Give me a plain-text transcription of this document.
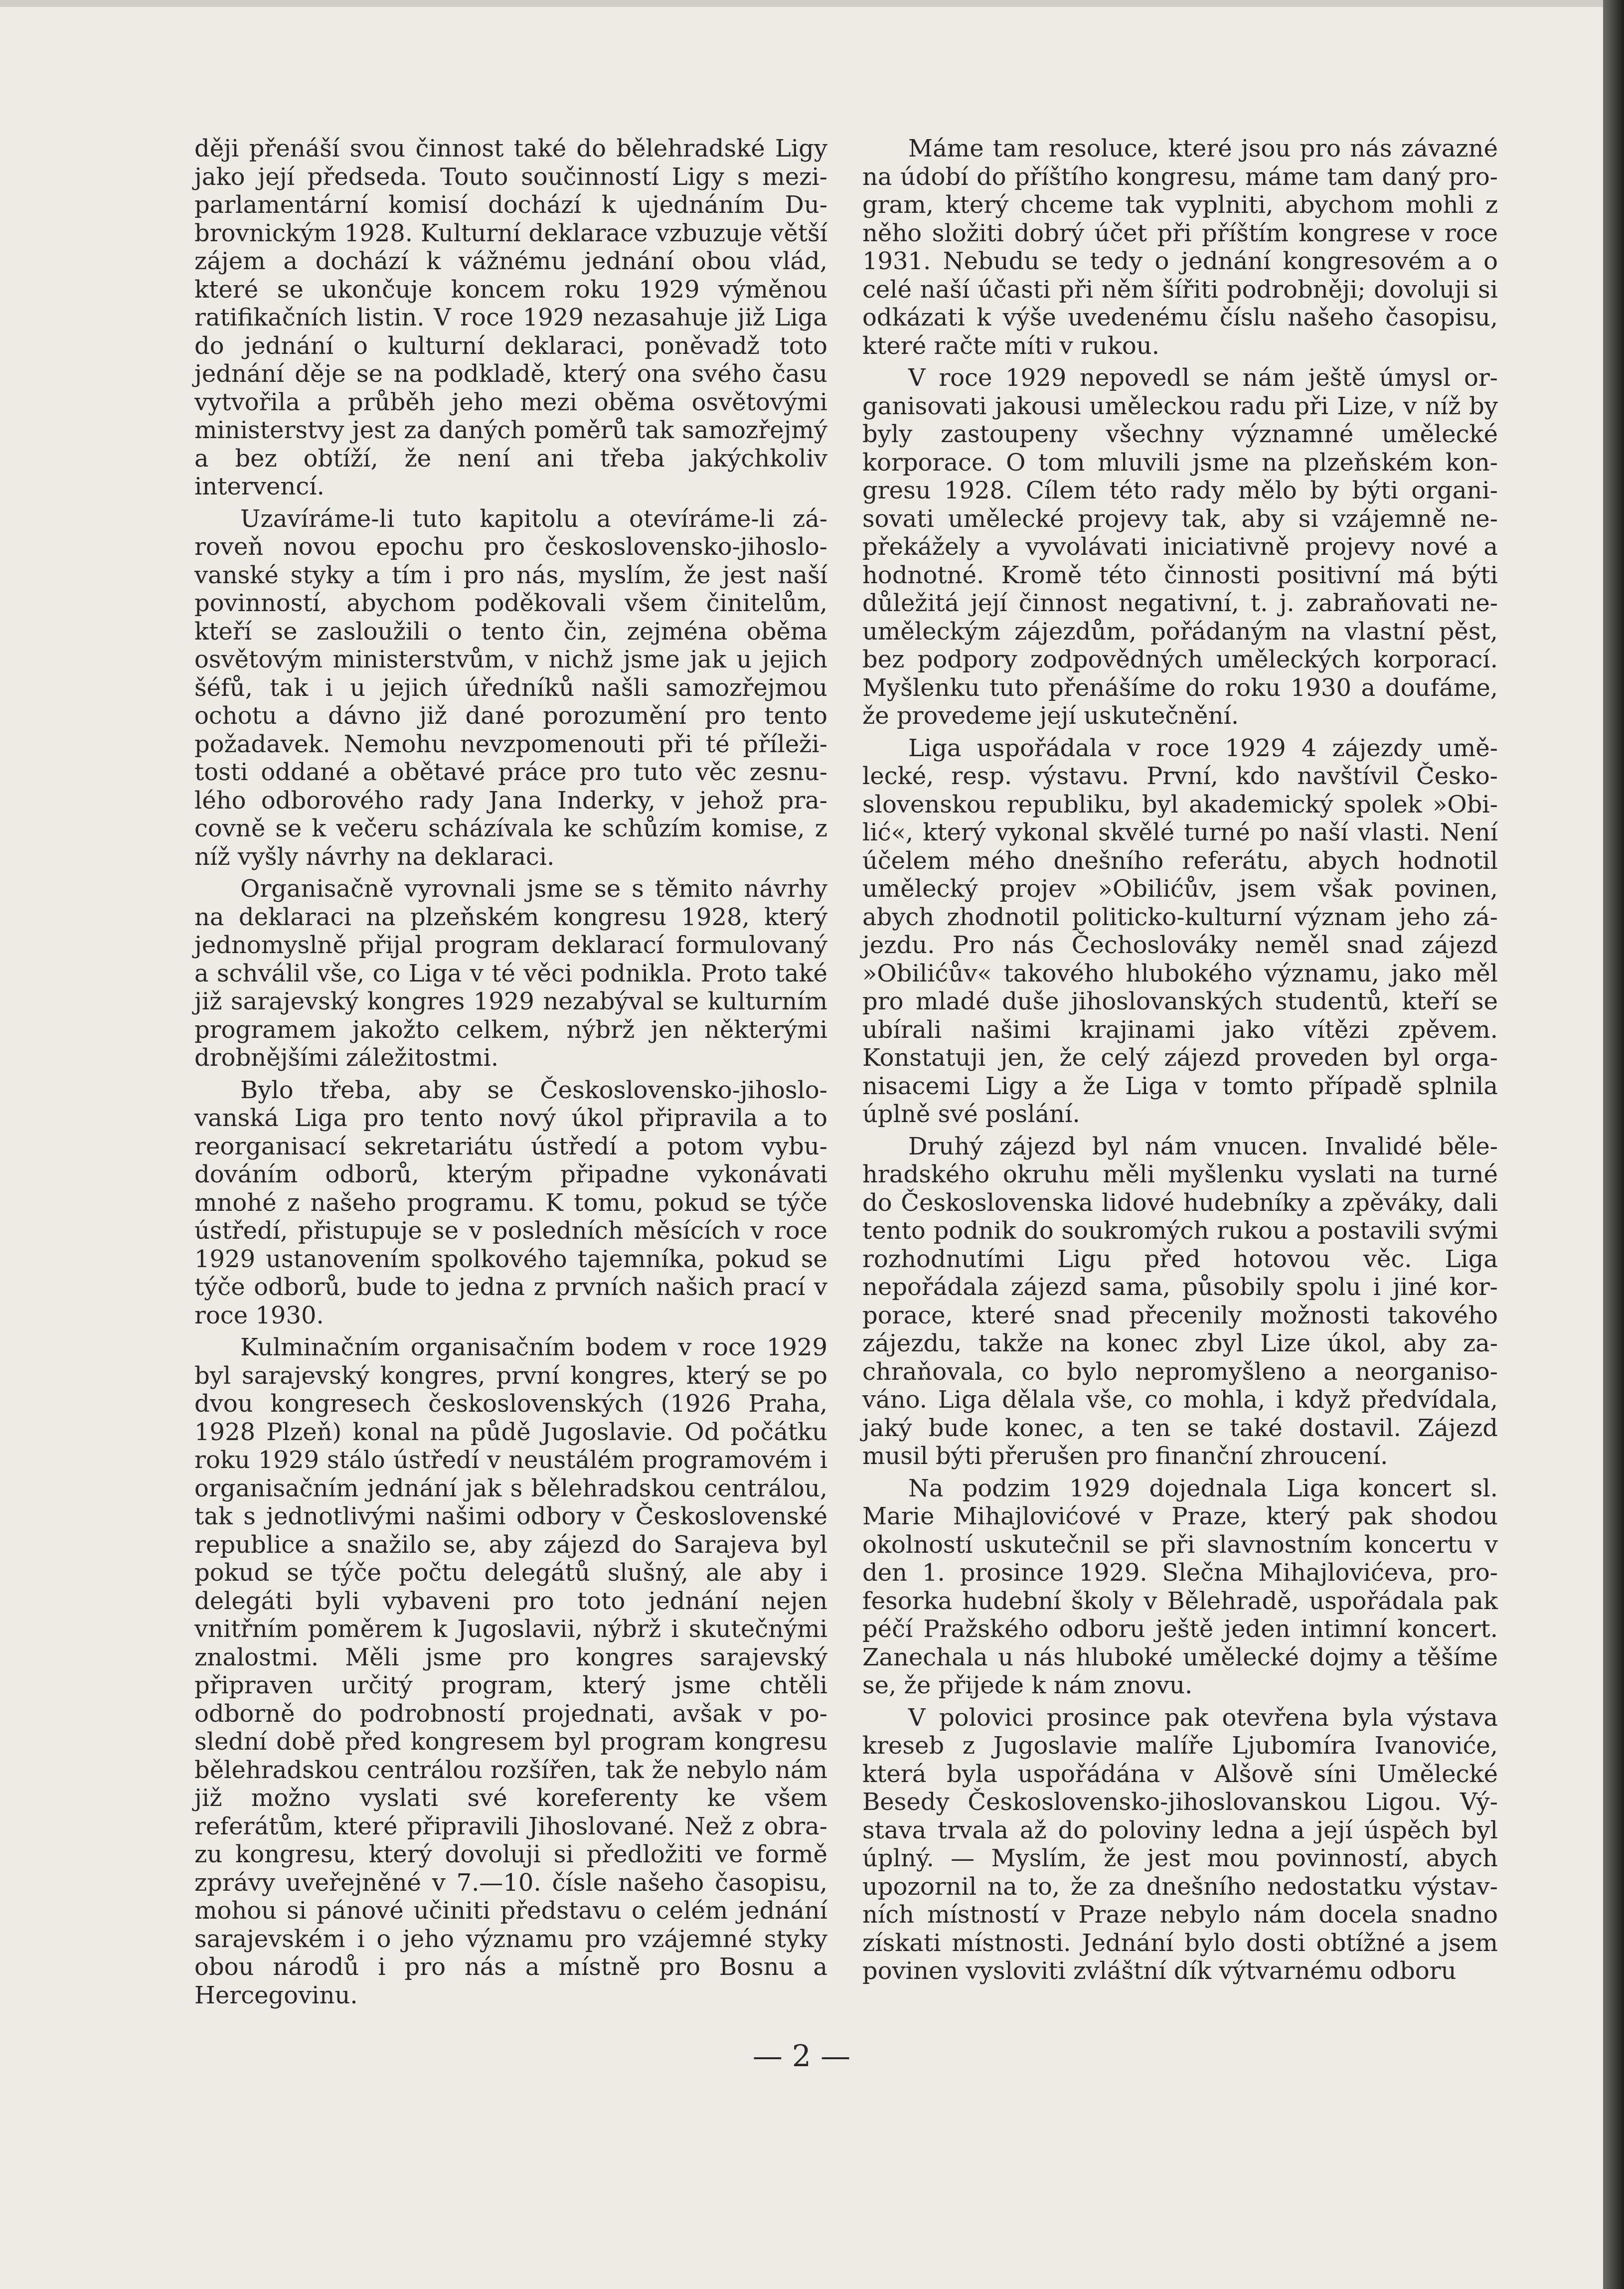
ději přenáší svou činnost také do bělehradské Ligy jako její předseda. Touto součinností Ligy s meziparlamentární komisí dochází k ujednáním Dubrovnickým 1928. Kulturní deklarace vzbuzuje větší zájem a dochází k vážnému jednání obou vlád, které se ukončuje koncem roku 1929 výměnou ratifikačních listin. V roce 1929 nezasahuje již Liga do jednání o kulturní deklaraci, poněvadž toto jednání děje se na podkladě, který ona svého času vytvořila a průběh jeho mezi oběma osvětovými ministerstvy jest za daných poměrů tak samozřejmý a bez obtíží, že není ani třeba jakýchkoliv intervencí.

Uzavíráme-li tuto kapitolu a otevíráme-li zároveň novou epochu pro československo-jihoslovanské styky a tím i pro nás, myslím, že jest naší povinností, abychom poděkovali všem činitelům, kteří se zasloužili o tento čin, zejména oběma osvětovým ministerstvům, v nichž jsme jak u jejich šéfů, tak i u jejich úředníků našli samozřejmou ochotu a dávno již dané porozumění pro tento požadavek. Nemohu nevzpomenouti při té příležitosti oddané a obětavé práce pro tuto věc zesnulého odborového rady Jana Inderky, v jehož pracovně se k večeru scházívala ke schůzím komise, z níž vyšly návrhy na deklaraci.

Organisačně vyrovnali jsme se s těmito návrhy na deklaraci na plzeňském kongresu 1928, který jednomyslně přijal program deklarací formulovaný a schválil vše, co Liga v té věci podnikla. Proto také již sarajevský kongres 1929 nezabýval se kulturním programem jakožto celkem, nýbrž jen některými drobnějšími záležitostmi.

Bylo třeba, aby se Československo-jihoslovanská Liga pro tento nový úkol připravila a to reorganisací sekretariátu ústředí a potom vybudováním odborů, kterým připadne vykonávati mnohé z našeho programu. K tomu, pokud se týče ústředí, přistupuje se v posledních měsících v roce 1929 ustanovením spolkového tajemníka, pokud se týče odborů, bude to jedna z prvních našich prací v roce 1930.

Kulminačním organisačním bodem v roce 1929 byl sarajevský kongres, první kongres, který se po dvou kongresech československých (1926 Praha, 1928 Plzeň) konal na půdě Jugoslavie. Od počátku roku 1929 stálo ústředí v neustálém programovém i organisačním jednání jak s bělehradskou centrálou, tak s jednotlivými našimi odbory v Československé republice a snažilo se, aby zájezd do Sarajeva byl pokud se týče počtu delegátů slušný, ale aby i delegáti byli vybaveni pro toto jednání nejen vnitřním poměrem k Jugoslavii, nýbrž i skutečnými znalostmi. Měli jsme pro kongres sarajevský připraven určitý program, který jsme chtěli odborně do podrobností projednati, avšak v poslední době před kongresem byl program kongresu bělehradskou centrálou rozšířen, tak že nebylo nám již možno vyslati své koreferenty ke všem referátům, které připravili Jihoslované. Než z obrazu kongresu, který dovoluji si předložiti ve formě zprávy uveřejněné v 7.—10. čísle našeho časopisu, mohou si pánové učiniti představu o celém jednání sarajevském i o jeho významu pro vzájemné styky obou národů i pro nás a místně pro Bosnu a Hercegovinu.

Máme tam resoluce, které jsou pro nás závazné na údobí do příštího kongresu, máme tam daný program, který chceme tak vyplniti, abychom mohli z něho složiti dobrý účet při příštím kongrese v roce 1931. Nebudu se tedy o jednání kongresovém a o celé naší účasti při něm šířiti podrobněji; dovoluji si odkázati k výše uvedenému číslu našeho časopisu, které račte míti v rukou.

V roce 1929 nepovedl se nám ještě úmysl organisovati jakousi uměleckou radu při Lize, v níž by byly zastoupeny všechny významné umělecké korporace. O tom mluvili jsme na plzeňském kongresu 1928. Cílem této rady mělo by býti organisovati umělecké projevy tak, aby si vzájemně nepřekážely a vyvolávati iniciativně projevy nové a hodnotné. Kromě této činnosti positivní má býti důležitá její činnost negativní, t. j. zabraňovati neuměleckým zájezdům, pořádaným na vlastní pěst, bez podpory zodpovědných uměleckých korporací. Myšlenku tuto přenášíme do roku 1930 a doufáme, že provedeme její uskutečnění.

Liga uspořádala v roce 1929 4 zájezdy umělecké, resp. výstavu. První, kdo navštívil Československou republiku, byl akademický spolek »Obilić«, který vykonal skvělé turné po naší vlasti. Není účelem mého dnešního referátu, abych hodnotil umělecký projev »Obilićův, jsem však povinen, abych zhodnotil politicko-kulturní význam jeho zájezdu. Pro nás Čechoslováky neměl snad zájezd »Obilićův« takového hlubokého významu, jako měl pro mladé duše jihoslovanských studentů, kteří se ubírali našimi krajinami jako vítězi zpěvem. Konstatuji jen, že celý zájezd proveden byl organisacemi Ligy a že Liga v tomto případě splnila úplně své poslání.

Druhý zájezd byl nám vnucen. Invalidé bělehradského okruhu měli myšlenku vyslati na turné do Československa lidové hudebníky a zpěváky, dali tento podnik do soukromých rukou a postavili svými rozhodnutími Ligu před hotovou věc. Liga nepořádala zájezd sama, působily spolu i jiné korporace, které snad přecenily možnosti takového zájezdu, takže na konec zbyl Lize úkol, aby zachraňovala, co bylo nepromyšleno a neorganisováno. Liga dělala vše, co mohla, i když předvídala, jaký bude konec, a ten se také dostavil. Zájezd musil býti přerušen pro finanční zhroucení.

Na podzim 1929 dojednala Liga koncert sl. Marie Mihajlovićové v Praze, který pak shodou okolností uskutečnil se při slavnostním koncertu v den 1. prosince 1929. Slečna Mihajlovićeva, profesorka hudební školy v Bělehradě, uspořádala pak péčí Pražského odboru ještě jeden intimní koncert. Zanechala u nás hluboké umělecké dojmy a těšíme se, že přijede k nám znovu.

V polovici prosince pak otevřena byla výstava kreseb z Jugoslavie malíře Ljubomíra Ivanoviće, která byla uspořádána v Alšově síni Umělecké Besedy Československo-jihoslovanskou Ligou. Výstava trvala až do poloviny ledna a její úspěch byl úplný. — Myslím, že jest mou povinností, abych upozornil na to, že za dnešního nedostatku výstavních místností v Praze nebylo nám docela snadno získati místnosti. Jednání bylo dosti obtížné a jsem povinen vysloviti zvláštní dík výtvarnému odboru

— 2 —
